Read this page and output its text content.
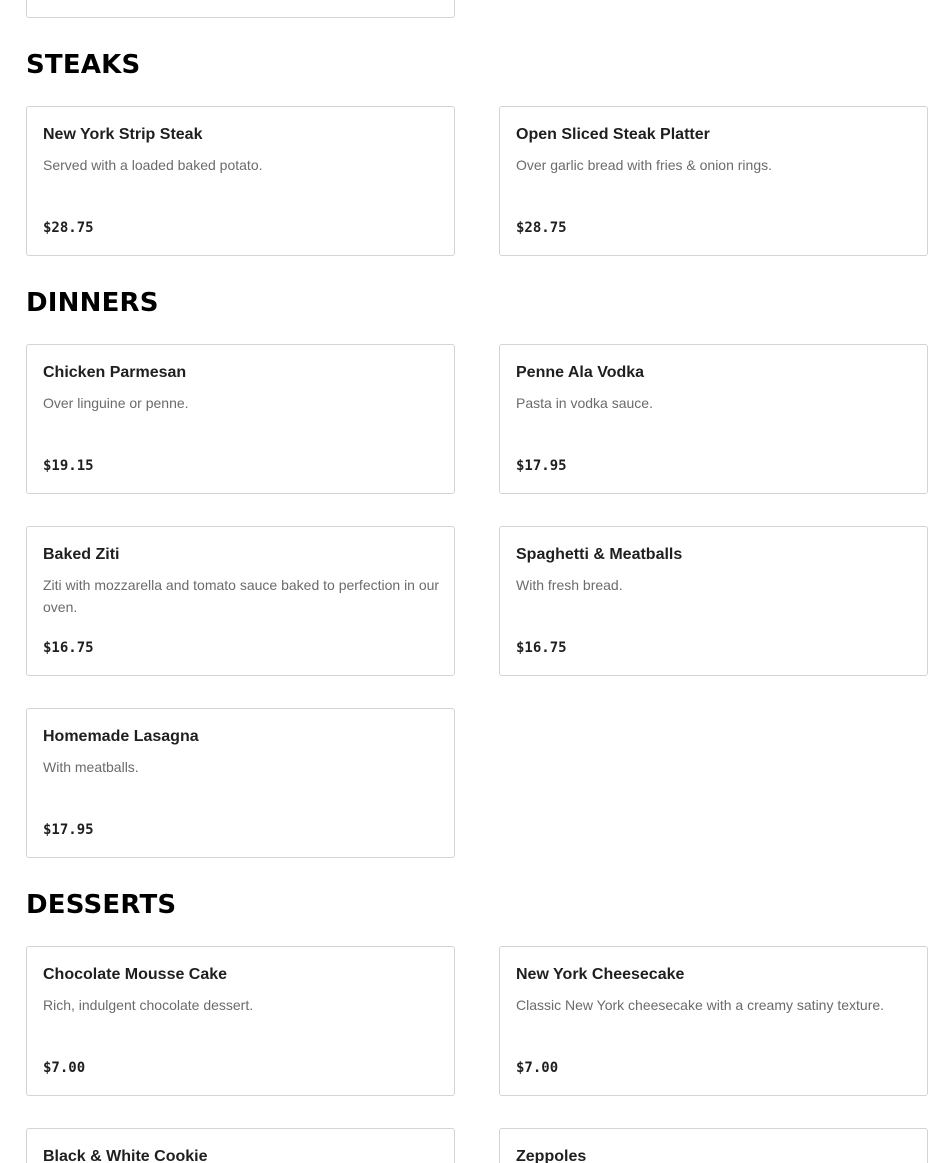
STEAKS
New York Strip Steak
Served with a loaded baked potato.
$28.75
Open Sliced Steak Platter
Over garlic bread with fries & onion rings.
$28.75
DINNERS
Chicken Parmesan
Over linguine or penne.
$19.15
Penne Ala Vodka
Pasta in vodka sauce.
$17.95
Baked Ziti
Ziti with mozzarella and tomato sauce baked to perfection in our oven.
$16.75
Spaghetti & Meatballs
With fresh bread.
$16.75
Homemade Lasagna
With meatballs.
$17.95
DESSERTS
Chocolate Mousse Cake
Rich, indulgent chocolate dessert.
$7.00
New York Cheesecake
Classic New York cheesecake with a creamy satiny texture.
$7.00
Black & White Cookie	Zeppoles
